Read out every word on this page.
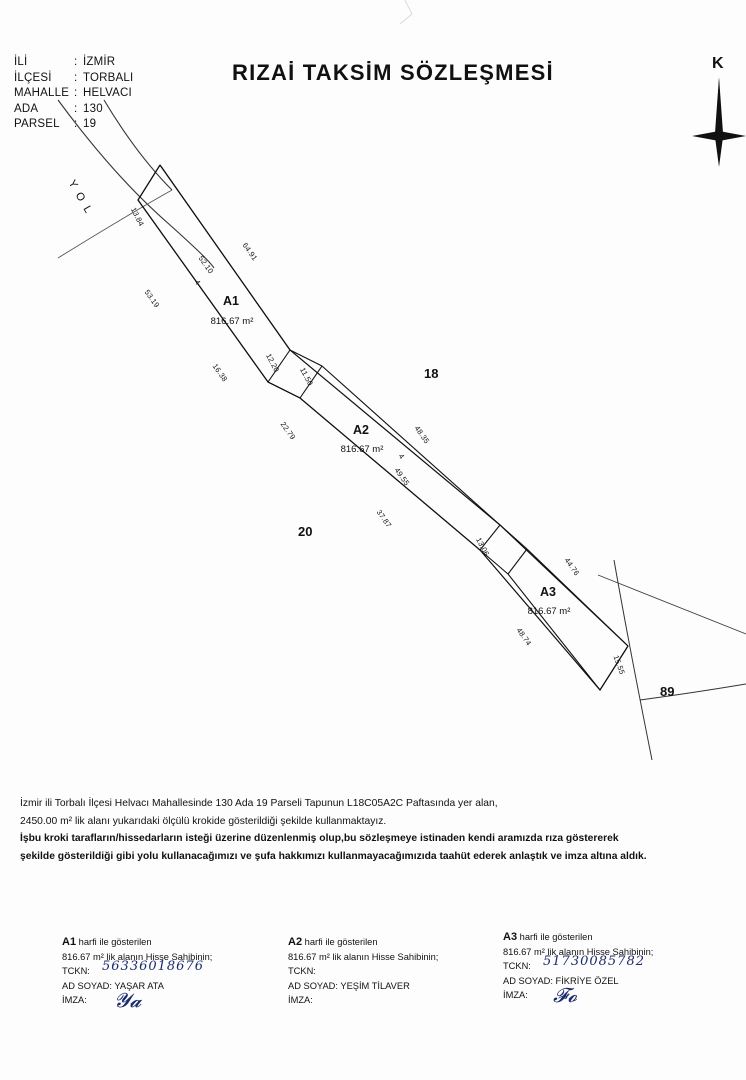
İLİ	: İZMİR
İLÇESİ	: TORBALI
MAHALLE : HELVACI
ADA	: 130
PARSEL	: 19
RIZAİ TAKSİM SÖZLEŞMESİ	K
Y O L
A1
816.67 m²
A2
816.67 m²
A3
816.67 m²
18
20
89
13.84
64.91
52.10
4
53.19
16.38	12.20
11.50
22.79	48.35
4
49.55
37.87
13.06
44.76
48.74
15.55
İzmir ili Torbalı İlçesi Helvacı Mahallesinde 130 Ada 19 Parseli Tapunun L18C05A2C Paftasında yer alan,
2450.00 m² lik alanı yukarıdaki ölçülü krokide gösterildiği şekilde kullanmaktayız.
İşbu kroki tarafların/hissedarların isteği üzerine düzenlenmiş olup,bu sözleşmeye istinaden kendi aramızda rıza göstererek
şekilde gösterildiği gibi yolu kullanacağımızı ve şufa hakkımızı kullanmayacağımızıda taahüt ederek anlaştık ve imza altına aldık.
A1 harfi ile gösterilen
816.67 m² lik alanın Hisse Sahibinin;
TCKN: 56336018676
AD SOYAD: YAŞAR ATA
İMZA: 𝓨𝓪
A2 harfi ile gösterilen
816.67 m² lik alanın Hisse Sahibinin;
TCKN:
AD SOYAD: YEŞİM TİLAVER
İMZA:
A3 harfi ile gösterilen
816.67 m² lik alanın Hisse Sahibinin;
TCKN: 51730085782
AD SOYAD: FİKRİYE ÖZEL
İMZA: 𝓕𝓸
